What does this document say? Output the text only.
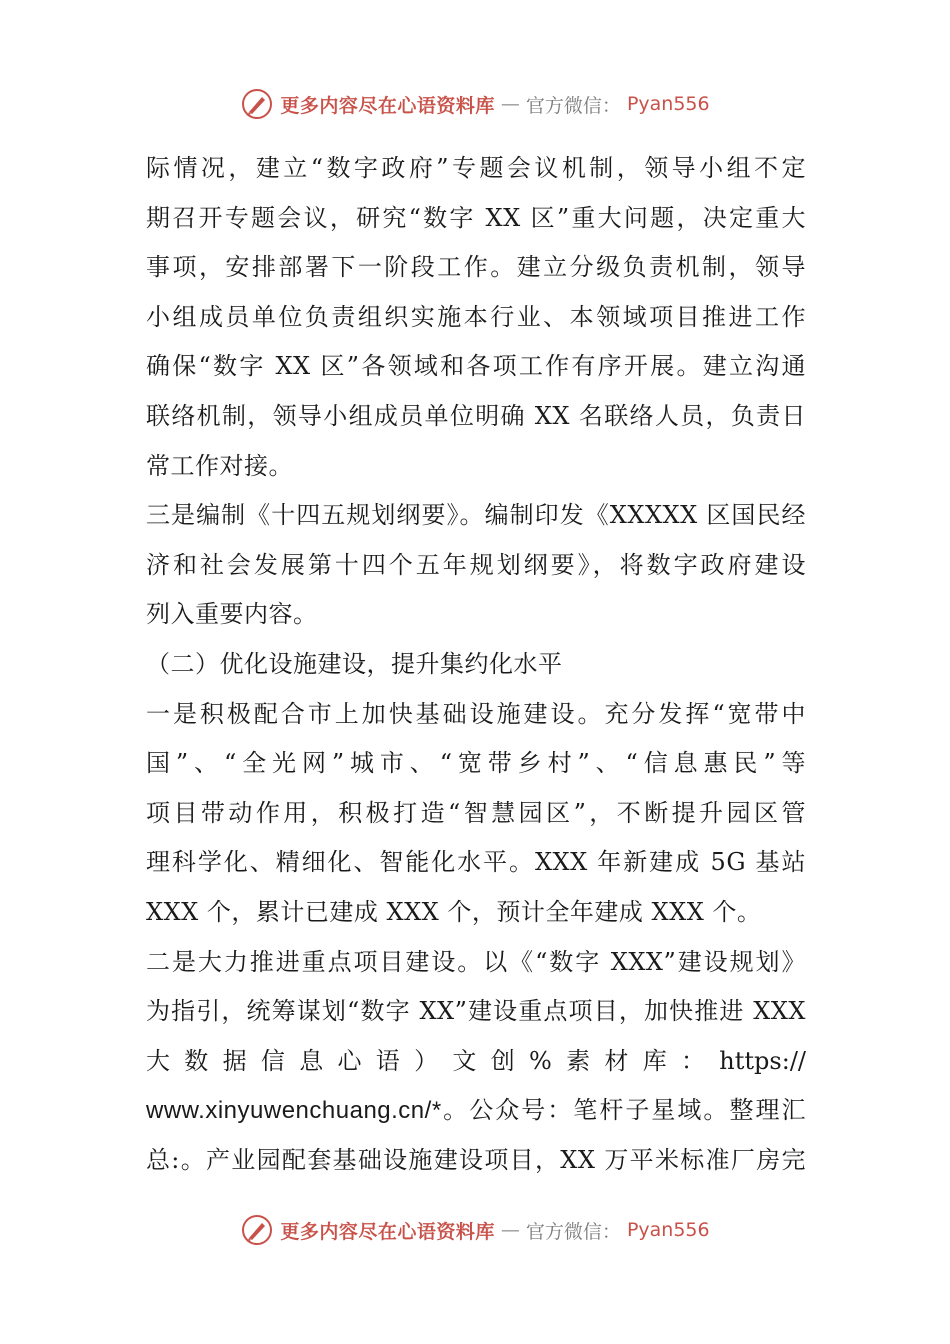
更多内容尽在心语资料库 — 官方微信： Pyan556
际情况，建立“数字政府”专题会议机制，领导小组不定
期召开专题会议，研究“数字 XX 区”重大问题，决定重大
事项，安排部署下一阶段工作。建立分级负责机制，领导
小组成员单位负责组织实施本行业、本领域项目推进工作
确保“数字 XX 区”各领域和各项工作有序开展。建立沟通
联络机制，领导小组成员单位明确 XX 名联络人员，负责日
常工作对接。
三是编制《十四五规划纲要》。编制印发《XXXXX 区国民经
济和社会发展第十四个五年规划纲要》，将数字政府建设
列入重要内容。
（二）优化设施建设，提升集约化水平
一是积极配合市上加快基础设施建设。充分发挥“宽带中
国”、“全光网”城市、“宽带乡村”、“信息惠民”等
项目带动作用，积极打造“智慧园区”，不断提升园区管
理科学化、精细化、智能化水平。XXX 年新建成 5G 基站
XXX 个，累计已建成 XXX 个，预计全年建成 XXX 个。
二是大力推进重点项目建设。以《“数字 XXX”建设规划》
为指引，统筹谋划“数字 XX”建设重点项目，加快推进 XXX
大数据信息心语）文创%素材库：https://
www.xinyuwenchuang.cn/*。公众号：笔杆子星域。整理汇
总:。产业园配套基础设施建设项目，XX 万平米标准厂房完
更多内容尽在心语资料库 — 官方微信： Pyan556
